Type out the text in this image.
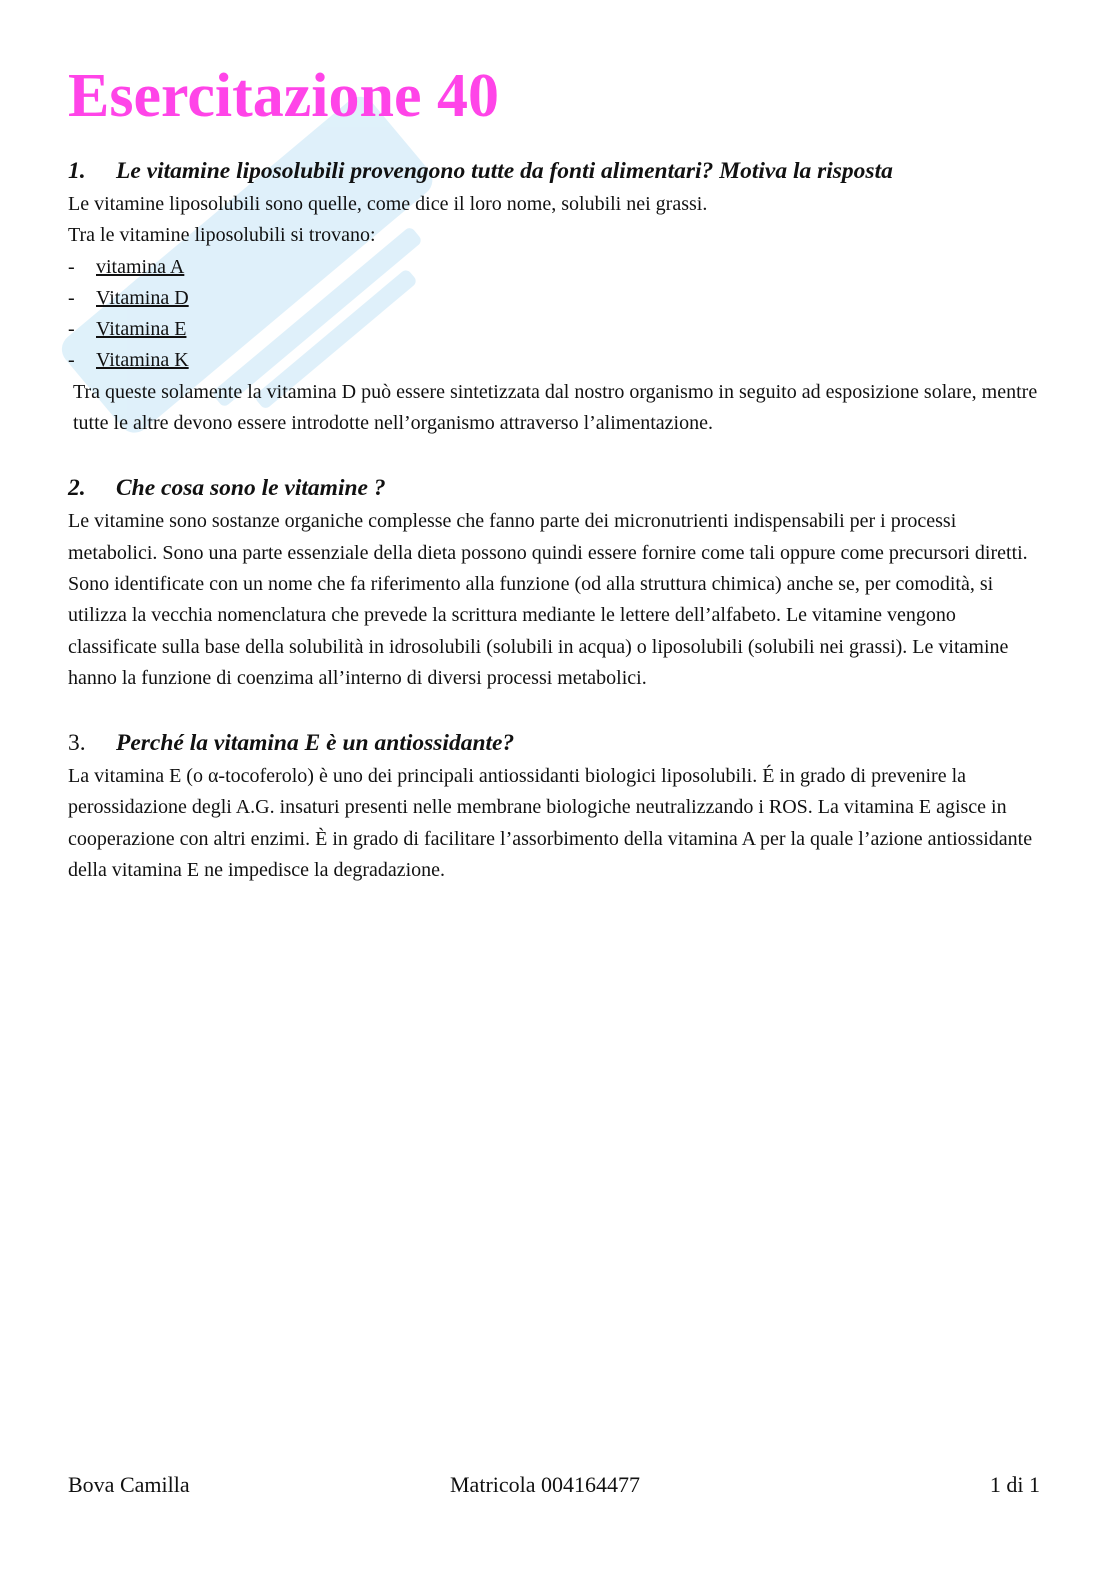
Esercitazione 40
1. Le vitamine liposolubili provengono tutte da fonti alimentari? Motiva la risposta

Le vitamine liposolubili sono quelle, come dice il loro nome, solubili nei grassi.

Tra le vitamine liposolubili si trovano:

- vitamina A

- Vitamina D

- Vitamina E

- Vitamina K

Tra queste solamente la vitamina D può essere sintetizzata dal nostro organismo in seguito ad esposizione solare, mentre tutte le altre devono essere introdotte nell’organismo attraverso l’alimentazione.

2. Che cosa sono le vitamine ?

Le vitamine sono sostanze organiche complesse che fanno parte dei micronutrienti indispensabili per i processi metabolici. Sono una parte essenziale della dieta possono quindi essere fornire come tali oppure come precursori diretti. Sono identificate con un nome che fa riferimento alla funzione (od alla struttura chimica) anche se, per comodità, si utilizza la vecchia nomenclatura che prevede la scrittura mediante le lettere dell’alfabeto. Le vitamine vengono classificate sulla base della solubilità in idrosolubili (solubili in acqua) o liposolubili (solubili nei grassi). Le vitamine hanno la funzione di coenzima all’interno di diversi processi metabolici.

3. Perché la vitamina E è un antiossidante?

La vitamina E (o α-tocoferolo) è uno dei principali antiossidanti biologici liposolubili. É in grado di prevenire la perossidazione degli A.G. insaturi presenti nelle membrane biologiche neutralizzando i ROS. La vitamina E agisce in cooperazione con altri enzimi. È in grado di facilitare l’assorbimento della vitamina A per la quale l’azione antiossidante della vitamina E ne impedisce la degradazione.

Bova Camilla	Matricola 004164477	1 di 1
